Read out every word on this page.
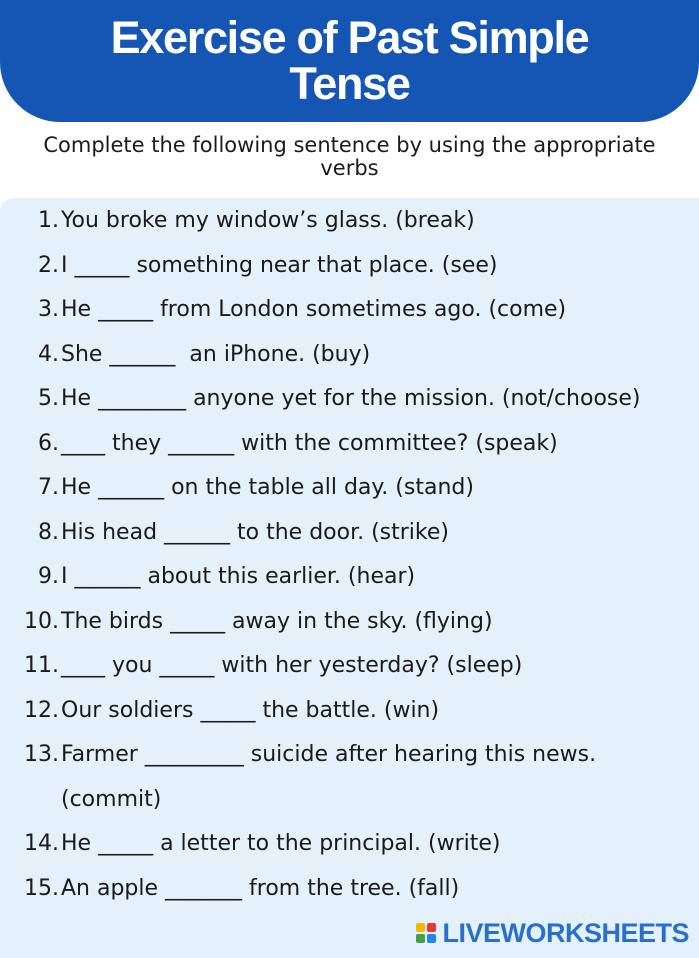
Exercise of Past Simple
Tense
Complete the following sentence by using the appropriate verbs
1. You broke my window’s glass. (break)
2. I _____ something near that place. (see)
3. He _____ from London sometimes ago. (come)
4. She ______  an iPhone. (buy)
5. He ________ anyone yet for the mission. (not/choose)
6. ____ they ______ with the committee? (speak)
7. He ______ on the table all day. (stand)
8. His head ______ to the door. (strike)
9. I ______ about this earlier. (hear)
10. The birds _____ away in the sky. (flying)
11. ____ you _____ with her yesterday? (sleep)
12. Our soldiers _____ the battle. (win)
13. Farmer _________ suicide after hearing this news. (commit)
14. He _____ a letter to the principal. (write)
15. An apple _______ from the tree. (fall)
LIVEWORKSHEETS
